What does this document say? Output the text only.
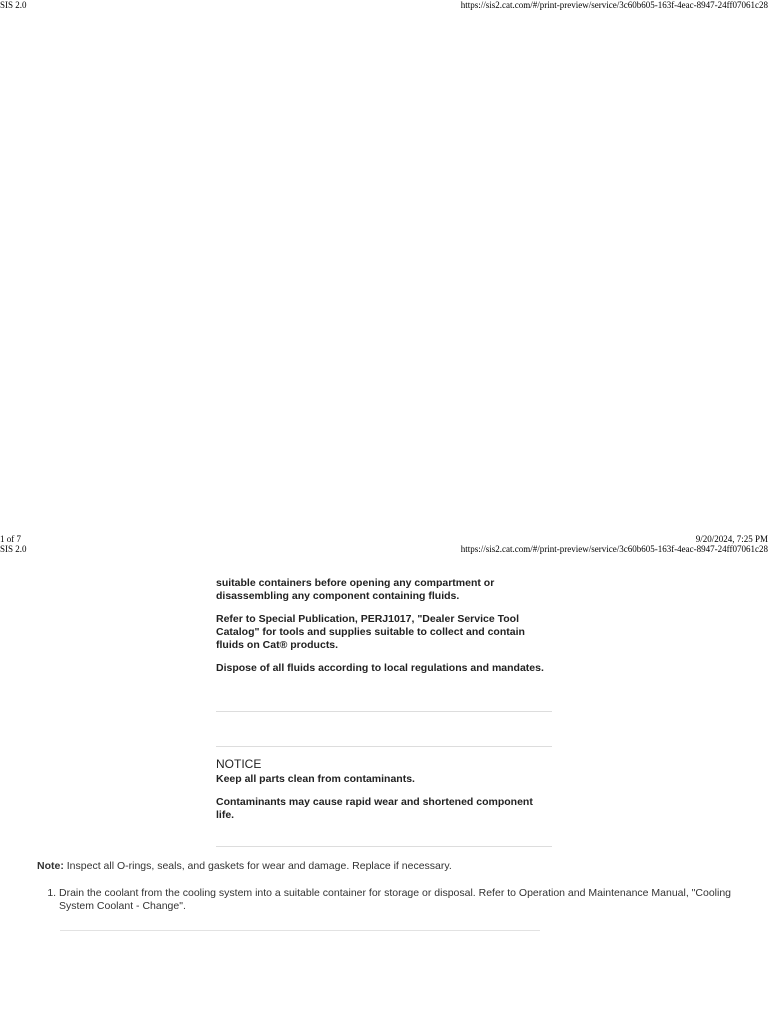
SIS 2.0	https://sis2.cat.com/#/print-preview/service/3c60b605-163f-4eac-8947-24ff07061c28
1 of 7	9/20/2024, 7:25 PM
SIS 2.0	https://sis2.cat.com/#/print-preview/service/3c60b605-163f-4eac-8947-24ff07061c28

suitable containers before opening any compartment or disassembling any component containing fluids.

Refer to Special Publication, PERJ1017, "Dealer Service Tool Catalog" for tools and supplies suitable to collect and contain fluids on Cat® products.

Dispose of all fluids according to local regulations and mandates.

NOTICE

Keep all parts clean from contaminants.

Contaminants may cause rapid wear and shortened component life.

Note: Inspect all O-rings, seals, and gaskets for wear and damage. Replace if necessary.
1. Drain the coolant from the cooling system into a suitable container for storage or disposal. Refer to Operation and Maintenance Manual, "Cooling System Coolant - Change".
